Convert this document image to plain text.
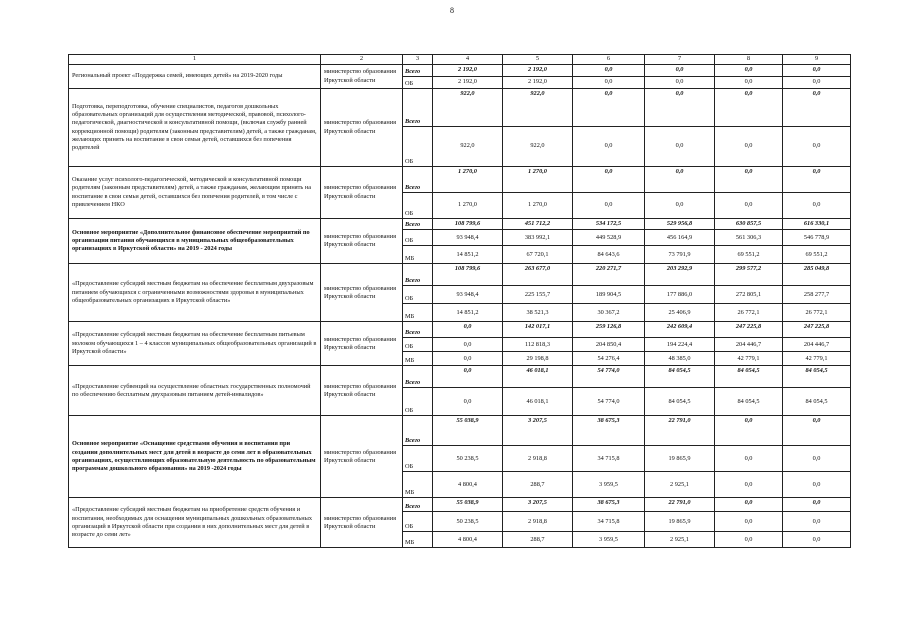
8
1	2	3	4	5	6	7	8	9
Региональный проект «Поддержка семей, имеющих детей» на 2019-2020 годы	министерство образования Иркутской области	Всего	2 192,0	2 192,0	0,0	0,0	0,0	0,0
		ОБ	2 192,0	2 192,0	0,0	0,0	0,0	0,0
Подготовка, переподготовка, обучение специалистов, педагогов дошкольных образовательных организаций для осуществления методической, правовой, психолого-педагогической, диагностической и консультативной помощи, (включая службу ранней коррекционной помощи) родителям (законным представителям) детей, а также гражданам, желающих принять на воспитание в свои семьи детей, оставшихся без попечения родителей	министерство образования Иркутской области	Всего	922,0	922,0	0,0	0,0	0,0	0,0
		ОБ	922,0	922,0	0,0	0,0	0,0	0,0
Оказание услуг психолого-педагогической, методической и консультативной помощи родителям (законным представителям) детей, а также гражданам, желающим принять на воспитание в свои семьи детей, оставшихся без попечения родителей, в том числе с привлечением НКО	министерство образования Иркутской области	Всего	1 270,0	1 270,0	0,0	0,0	0,0	0,0
		ОБ	1 270,0	1 270,0	0,0	0,0	0,0	0,0
Основное мероприятие «Дополнительное финансовое обеспечение мероприятий по организации питания обучающихся в муниципальных общеобразовательных организациях в Иркутской области» на 2019 - 2024 годы	министерство образования Иркутской области	Всего	108 799,6	451 712,2	534 172,5	529 956,8	630 857,5	616 330,1
		ОБ	93 948,4	383 992,1	449 528,9	456 164,9	561 306,3	546 778,9
		МБ	14 851,2	67 720,1	84 643,6	73 791,9	69 551,2	69 551,2
«Предоставление субсидий местным бюджетам на обеспечение бесплатным двухразовым питанием обучающихся с ограниченными возможностями здоровья в муниципальных общеобразовательных организациях в Иркутской области»	министерство образования Иркутской области	Всего	108 799,6	263 677,0	220 271,7	203 292,9	299 577,2	285 049,8
		ОБ	93 948,4	225 155,7	189 904,5	177 886,0	272 805,1	258 277,7
		МБ	14 851,2	38 521,3	30 367,2	25 406,9	26 772,1	26 772,1
«Предоставление субсидий местным бюджетам на обеспечение бесплатным питьевым молоком обучающихся 1 – 4 классов муниципальных общеобразовательных организаций в Иркутской области»	министерство образования Иркутской области	Всего	0,0	142 017,1	259 126,8	242 609,4	247 225,8	247 225,8
		ОБ	0,0	112 818,3	204 850,4	194 224,4	204 446,7	204 446,7
		МБ	0,0	29 198,8	54 276,4	48 385,0	42 779,1	42 779,1
«Предоставление субвенций на осуществление областных государственных полномочий по обеспечению бесплатным двухразовым питанием детей-инвалидов»	министерство образования Иркутской области	Всего	0,0	46 018,1	54 774,0	84 054,5	84 054,5	84 054,5
		ОБ	0,0	46 018,1	54 774,0	84 054,5	84 054,5	84 054,5
Основное мероприятие «Оснащение средствами обучения и воспитания при создании дополнительных мест для детей в возрасте до семи лет в образовательных организациях, осуществляющих образовательную деятельность по образовательным программам дошкольного образования» на 2019 -2024 годы	министерство образования Иркутской области	Всего	55 038,9	3 207,5	38 675,3	22 791,0	0,0	0,0
		ОБ	50 238,5	2 918,8	34 715,8	19 865,9	0,0	0,0
		МБ	4 800,4	288,7	3 959,5	2 925,1	0,0	0,0
«Предоставление субсидий местным бюджетам на приобретение средств обучения и воспитания, необходимых для оснащения муниципальных дошкольных образовательных организаций в Иркутской области при создании в них дополнительных мест для детей в возрасте до семи лет»	министерство образования Иркутской области	Всего	55 038,9	3 207,5	38 675,3	22 791,0	0,0	0,0
		ОБ	50 238,5	2 918,8	34 715,8	19 865,9	0,0	0,0
		МБ	4 800,4	288,7	3 959,5	2 925,1	0,0	0,0
